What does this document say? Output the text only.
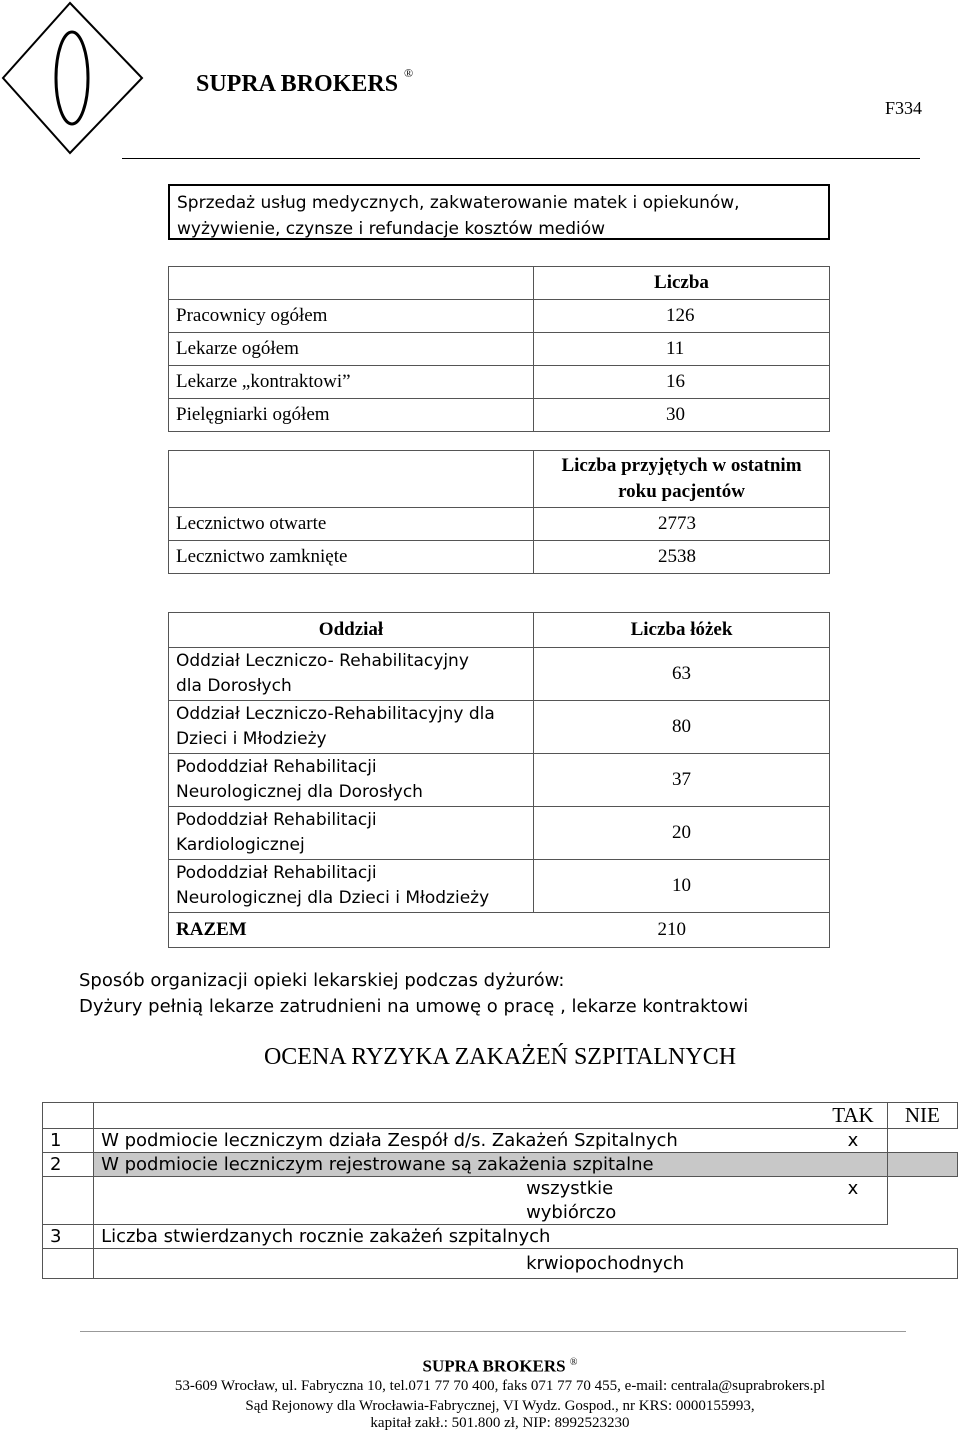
SUPRA BROKERS ®
F334
Sprzedaż usług medycznych, zakwaterowanie matek i opiekunów,
wyżywienie, czynsze i refundacje kosztów mediów
	Liczba
Pracownicy ogółem	126
Lekarze ogółem	11
Lekarze „kontraktowi”	16
Pielęgniarki ogółem	30

	Liczba przyjętych w ostatnim
roku pacjentów

Lecznictwo otwarte	2773
Lecznictwo zamknięte	2538
Oddział	Liczba łóżek

Oddział Leczniczo- Rehabilitacyjny
dla Dorosłych	63

Oddział Leczniczo-Rehabilitacyjny dla
Dzieci i Młodzieży	80

Pododdział Rehabilitacji
Neurologicznej dla Dorosłych	37

Pododdział Rehabilitacji
Kardiologicznej	20

Pododdział Rehabilitacji
Neurologicznej dla Dzieci i Młodzieży	10
RAZEM	210
Sposób organizacji opieki lekarskiej podczas dyżurów:
Dyżury pełnią lekarze zatrudnieni na umowę o pracę , lekarze kontraktowi
OCENA RYZYKA ZAKAŻEŃ SZPITALNYCH
		TAK	NIE
1	W podmiocie leczniczym działa Zespół d/s. Zakażeń Szpitalnych	x	
2	W podmiocie leczniczym rejestrowane są zakażenia szpitalne		
	wszystkie	x	
	wybiórczo		
3	Liczba stwierdzanych rocznie zakażeń szpitalnych		
	krwiopochodnych		
SUPRA BROKERS ®
53-609 Wrocław, ul. Fabryczna 10, tel.071 77 70 400, faks 071 77 70 455, e-mail: centrala@suprabrokers.pl
Sąd Rejonowy dla Wrocławia-Fabrycznej, VI Wydz. Gospod., nr KRS: 0000155993,
kapitał zakł.: 501.800 zł, NIP: 8992523230
